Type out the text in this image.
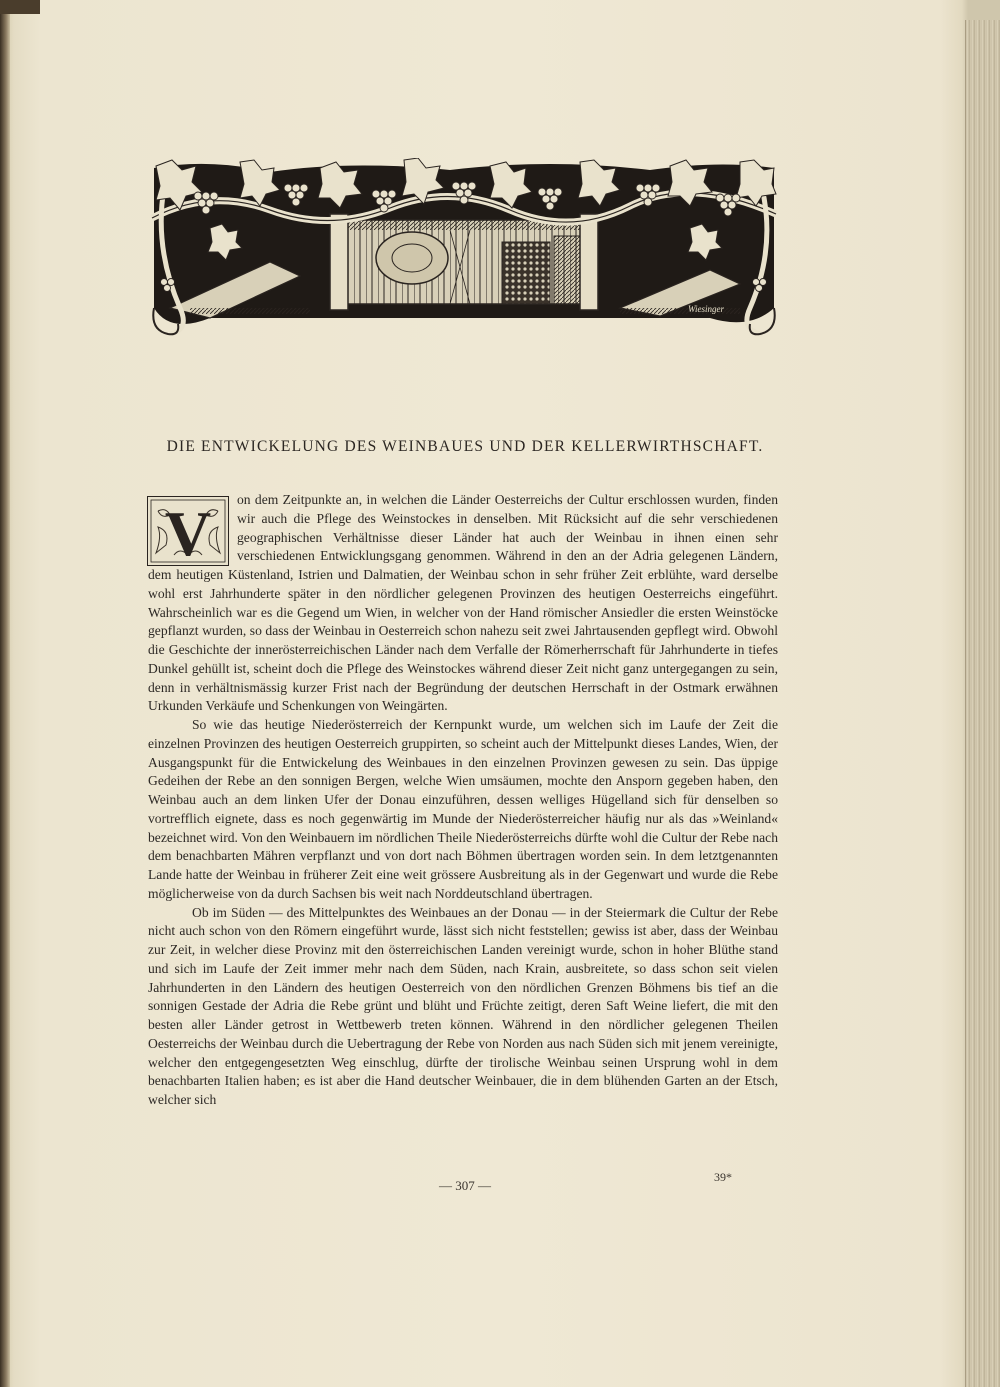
Wiesinger
DIE ENTWICKELUNG DES WEINBAUES UND DER KELLERWIRTHSCHAFT.

V on dem Zeitpunkte an, in welchen die Länder Oesterreichs der Cultur erschlossen wurden, finden wir auch die Pflege des Weinstockes in denselben. Mit Rücksicht auf die sehr verschiedenen geographischen Verhältnisse dieser Länder hat auch der Weinbau in ihnen einen sehr verschiedenen Entwicklungsgang genommen. Während in den an der Adria gelegenen Ländern, dem heutigen Küstenland, Istrien und Dalmatien, der Weinbau schon in sehr früher Zeit erblühte, ward derselbe wohl erst Jahrhunderte später in den nördlicher gelegenen Provinzen des heutigen Oesterreichs eingeführt. Wahrscheinlich war es die Gegend um Wien, in welcher von der Hand römischer Ansiedler die ersten Weinstöcke gepflanzt wurden, so dass der Weinbau in Oesterreich schon nahezu seit zwei Jahrtausenden gepflegt wird. Obwohl die Geschichte der innerösterreichischen Länder nach dem Verfalle der Römerherrschaft für Jahrhunderte in tiefes Dunkel gehüllt ist, scheint doch die Pflege des Weinstockes während dieser Zeit nicht ganz untergegangen zu sein, denn in verhältnismässig kurzer Frist nach der Begründung der deutschen Herrschaft in der Ostmark erwähnen Urkunden Verkäufe und Schenkungen von Weingärten.

So wie das heutige Niederösterreich der Kernpunkt wurde, um welchen sich im Laufe der Zeit die einzelnen Provinzen des heutigen Oesterreich gruppirten, so scheint auch der Mittelpunkt dieses Landes, Wien, der Ausgangspunkt für die Entwickelung des Weinbaues in den einzelnen Provinzen gewesen zu sein. Das üppige Gedeihen der Rebe an den sonnigen Bergen, welche Wien umsäumen, mochte den Ansporn gegeben haben, den Weinbau auch an dem linken Ufer der Donau einzuführen, dessen welliges Hügelland sich für denselben so vortrefflich eignete, dass es noch gegenwärtig im Munde der Niederösterreicher häufig nur als das »Weinland« bezeichnet wird. Von den Weinbauern im nördlichen Theile Niederösterreichs dürfte wohl die Cultur der Rebe nach dem benachbarten Mähren verpflanzt und von dort nach Böhmen übertragen worden sein. In dem letztgenannten Lande hatte der Weinbau in früherer Zeit eine weit grössere Ausbreitung als in der Gegenwart und wurde die Rebe möglicherweise von da durch Sachsen bis weit nach Norddeutschland übertragen.

Ob im Süden — des Mittelpunktes des Weinbaues an der Donau — in der Steiermark die Cultur der Rebe nicht auch schon von den Römern eingeführt wurde, lässt sich nicht feststellen; gewiss ist aber, dass der Weinbau zur Zeit, in welcher diese Provinz mit den österreichischen Landen vereinigt wurde, schon in hoher Blüthe stand und sich im Laufe der Zeit immer mehr nach dem Süden, nach Krain, ausbreitete, so dass schon seit vielen Jahrhunderten in den Ländern des heutigen Oesterreich von den nördlichen Grenzen Böhmens bis tief an die sonnigen Gestade der Adria die Rebe grünt und blüht und Früchte zeitigt, deren Saft Weine liefert, die mit den besten aller Länder getrost in Wettbewerb treten können. Während in den nördlicher gelegenen Theilen Oesterreichs der Weinbau durch die Uebertragung der Rebe von Norden aus nach Süden sich mit jenem vereinigte, welcher den entgegengesetzten Weg einschlug, dürfte der tirolische Weinbau seinen Ursprung wohl in dem benachbarten Italien haben; es ist aber die Hand deutscher Weinbauer, die in dem blühenden Garten an der Etsch, welcher sich

— 307 —
39*
